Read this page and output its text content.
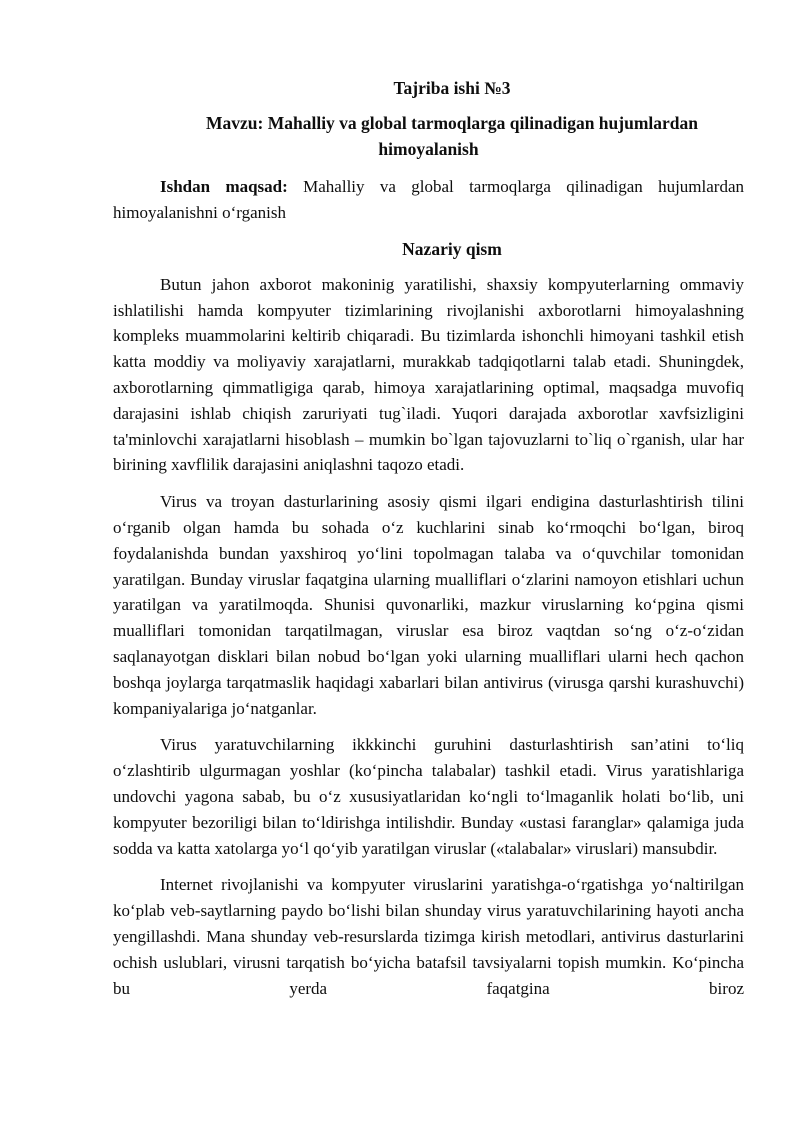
Tajriba ishi №3
Mavzu: Mahalliy va global tarmoqlarga qilinadigan hujumlardan himoyalanish

Ishdan maqsad: Mahalliy va global tarmoqlarga qilinadigan hujumlardan himoyalanishni oʻrganish

Nazariy qism

Butun jahon axborot makoninig yaratilishi, shaxsiy kompyuterlarning ommaviy ishlatilishi hamda kompyuter tizimlarining rivojlanishi axborotlarni himoyalashning kompleks muammolarini keltirib chiqaradi. Bu tizimlarda ishonchli himoyani tashkil etish katta moddiy va moliyaviy xarajatlarni, murakkab tadqiqotlarni talab etadi. Shuningdek, axborotlarning qimmatligiga qarab, himoya xarajatlarining optimal, maqsadga muvofiq darajasini ishlab chiqish zaruriyati tug`iladi. Yuqori darajada axborotlar xavfsizligini ta'minlovchi xarajatlarni hisoblash – mumkin bo`lgan tajovuzlarni to`liq o`rganish, ular har birining xavflilik darajasini aniqlashni taqozo etadi.

Virus va troyan dasturlarining asosiy qismi ilgari endigina dasturlashtirish tilini oʻrganib olgan hamda bu sohada oʻz kuchlarini sinab koʻrmoqchi boʻlgan, biroq foydalanishda bundan yaxshiroq yoʻlini topolmagan talaba va oʻquvchilar tomonidan yaratilgan. Bunday viruslar faqatgina ularning mualliflari oʻzlarini namoyon etishlari uchun yaratilgan va yaratilmoqda. Shunisi quvonarliki, mazkur viruslarning koʻpgina qismi mualliflari tomonidan tarqatilmagan, viruslar esa biroz vaqtdan soʻng oʻz-oʻzidan saqlanayotgan disklari bilan nobud boʻlgan yoki ularning mualliflari ularni hech qachon boshqa joylarga tarqatmaslik haqidagi xabarlari bilan antivirus (virusga qarshi kurashuvchi) kompaniyalariga joʻnatganlar.

Virus yaratuvchilarning ikkkinchi guruhini dasturlashtirish san’atini toʻliq oʻzlashtirib ulgurmagan yoshlar (koʻpincha talabalar) tashkil etadi. Virus yaratishlariga undovchi yagona sabab, bu oʻz xususiyatlaridan koʻngli toʻlmaganlik holati boʻlib, uni kompyuter bezoriligi bilan toʻldirishga intilishdir. Bunday «ustasi faranglar» qalamiga juda sodda va katta xatolarga yoʻl qoʻyib yaratilgan viruslar («talabalar» viruslari) mansubdir.

Internet rivojlanishi va kompyuter viruslarini yaratishga-oʻrgatishga yoʻnaltirilgan koʻplab veb-saytlarning paydo boʻlishi bilan shunday virus yaratuvchilarining hayoti ancha yengillashdi. Mana shunday veb-resurslarda tizimga kirish metodlari, antivirus dasturlarini ochish uslublari, virusni tarqatish boʻyicha batafsil tavsiyalarni topish mumkin. Koʻpincha bu yerda faqatgina biroz
